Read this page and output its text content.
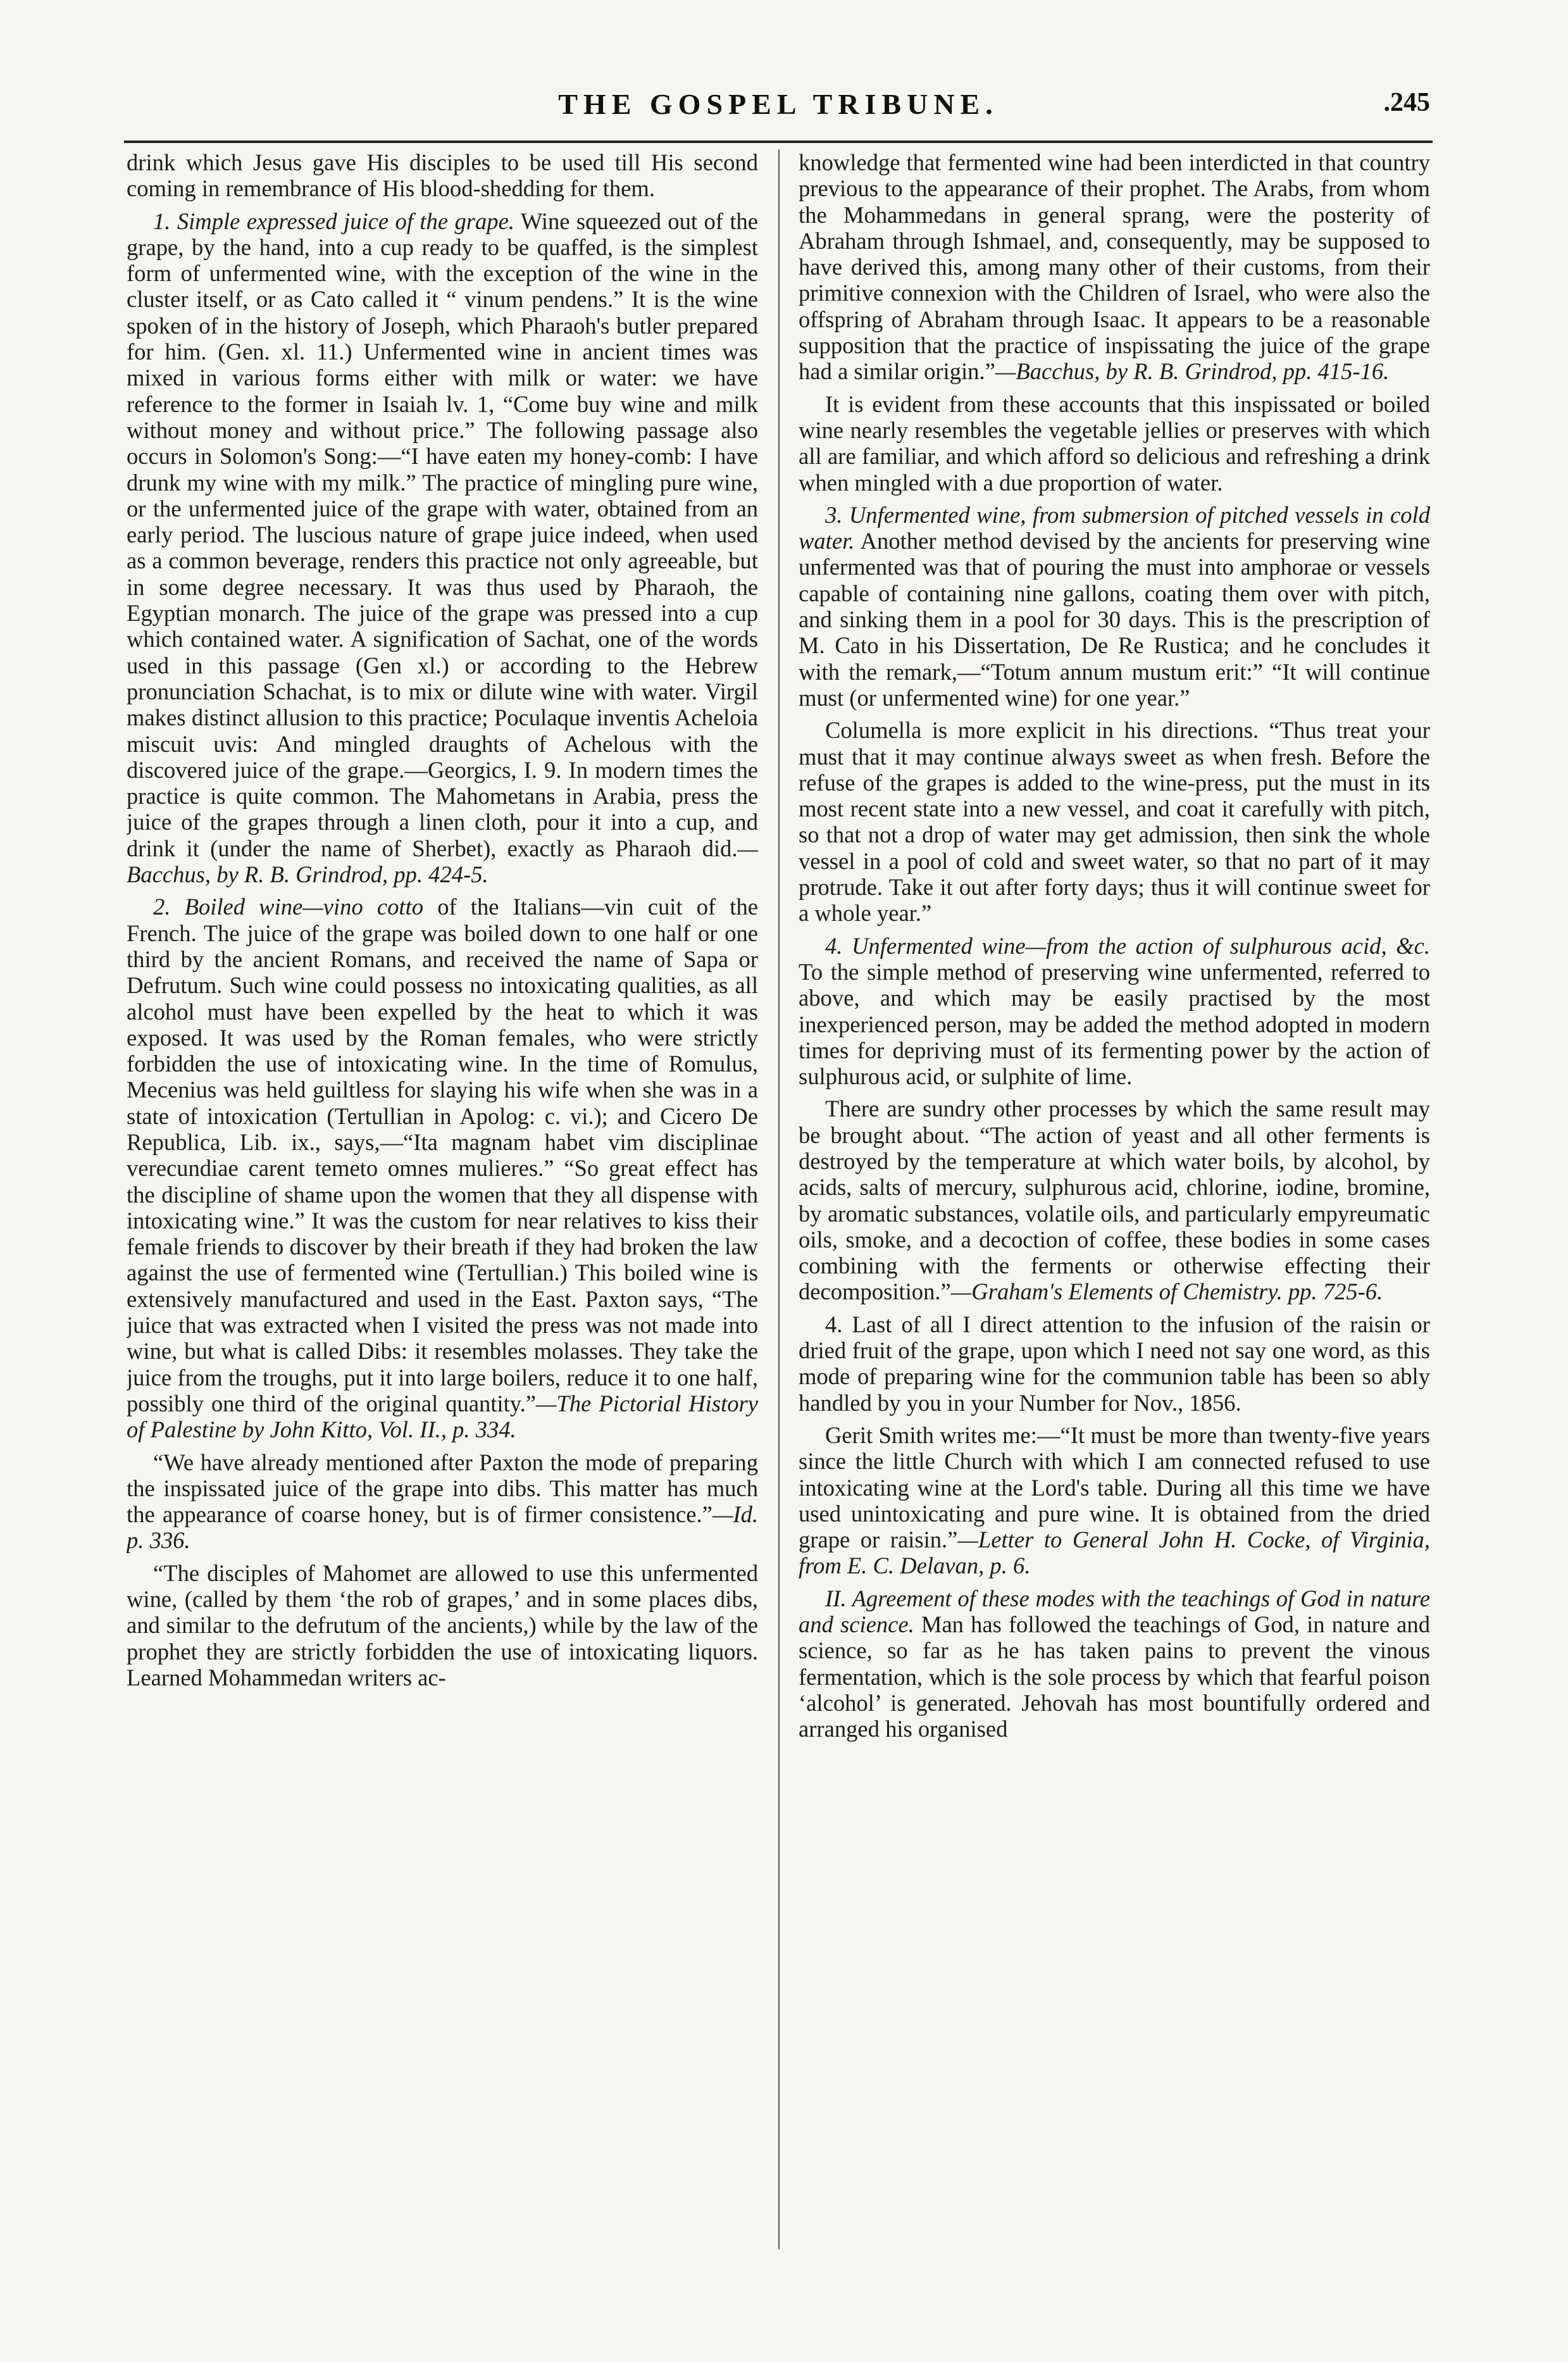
THE GOSPEL TRIBUNE.	.245

drink which Jesus gave His disciples to be used till His second coming in remembrance of His blood-shedding for them.

1. Simple expressed juice of the grape. Wine squeezed out of the grape, by the hand, into a cup ready to be quaffed, is the simplest form of unfermented wine, with the exception of the wine in the cluster itself, or as Cato called it “ vinum pendens.” It is the wine spoken of in the history of Joseph, which Pharaoh's butler prepared for him. (Gen. xl. 11.) Unfermented wine in ancient times was mixed in various forms either with milk or water: we have reference to the former in Isaiah lv. 1, “Come buy wine and milk without money and without price.” The following passage also occurs in Solomon's Song:—“I have eaten my honey-comb: I have drunk my wine with my milk.” The practice of mingling pure wine, or the unfermented juice of the grape with water, obtained from an early period. The luscious nature of grape juice indeed, when used as a common beverage, renders this practice not only agreeable, but in some degree necessary. It was thus used by Pharaoh, the Egyptian monarch. The juice of the grape was pressed into a cup which contained water. A signification of Sachat, one of the words used in this passage (Gen xl.) or according to the Hebrew pronunciation Schachat, is to mix or dilute wine with water. Virgil makes distinct allusion to this practice; Poculaque inventis Acheloia miscuit uvis: And mingled draughts of Achelous with the discovered juice of the grape.—Georgics, I. 9. In modern times the practice is quite common. The Mahometans in Arabia, press the juice of the grapes through a linen cloth, pour it into a cup, and drink it (under the name of Sherbet), exactly as Pharaoh did.—Bacchus, by R. B. Grindrod, pp. 424-5.

2. Boiled wine—vino cotto of the Italians—vin cuit of the French. The juice of the grape was boiled down to one half or one third by the ancient Romans, and received the name of Sapa or Defrutum. Such wine could possess no intoxicating qualities, as all alcohol must have been expelled by the heat to which it was exposed. It was used by the Roman females, who were strictly forbidden the use of intoxicating wine. In the time of Romulus, Mecenius was held guiltless for slaying his wife when she was in a state of intoxication (Tertullian in Apolog: c. vi.); and Cicero De Republica, Lib. ix., says,—“Ita magnam habet vim disciplinae verecundiae carent temeto omnes mulieres.” “So great effect has the discipline of shame upon the women that they all dispense with intoxicating wine.” It was the custom for near relatives to kiss their female friends to discover by their breath if they had broken the law against the use of fermented wine (Tertullian.) This boiled wine is extensively manufactured and used in the East. Paxton says, “The juice that was extracted when I visited the press was not made into wine, but what is called Dibs: it resembles molasses. They take the juice from the troughs, put it into large boilers, reduce it to one half, possibly one third of the original quantity.”—The Pictorial History of Palestine by John Kitto, Vol. II., p. 334.

“We have already mentioned after Paxton the mode of preparing the inspissated juice of the grape into dibs. This matter has much the appearance of coarse honey, but is of firmer consistence.”—Id. p. 336.

“The disciples of Mahomet are allowed to use this unfermented wine, (called by them ‘the rob of grapes,’ and in some places dibs, and similar to the defrutum of the ancients,) while by the law of the prophet they are strictly forbidden the use of intoxicating liquors. Learned Mohammedan writers ac-

knowledge that fermented wine had been interdicted in that country previous to the appearance of their prophet. The Arabs, from whom the Mohammedans in general sprang, were the posterity of Abraham through Ishmael, and, consequently, may be supposed to have derived this, among many other of their customs, from their primitive connexion with the Children of Israel, who were also the offspring of Abraham through Isaac. It appears to be a reasonable supposition that the practice of inspissating the juice of the grape had a similar origin.”—Bacchus, by R. B. Grindrod, pp. 415-16.

It is evident from these accounts that this inspissated or boiled wine nearly resembles the vegetable jellies or preserves with which all are familiar, and which afford so delicious and refreshing a drink when mingled with a due proportion of water.

3. Unfermented wine, from submersion of pitched vessels in cold water. Another method devised by the ancients for preserving wine unfermented was that of pouring the must into amphorae or vessels capable of containing nine gallons, coating them over with pitch, and sinking them in a pool for 30 days. This is the prescription of M. Cato in his Dissertation, De Re Rustica; and he concludes it with the remark,—“Totum annum mustum erit:” “It will continue must (or unfermented wine) for one year.”

Columella is more explicit in his directions. “Thus treat your must that it may continue always sweet as when fresh. Before the refuse of the grapes is added to the wine-press, put the must in its most recent state into a new vessel, and coat it carefully with pitch, so that not a drop of water may get admission, then sink the whole vessel in a pool of cold and sweet water, so that no part of it may protrude. Take it out after forty days; thus it will continue sweet for a whole year.”

4. Unfermented wine—from the action of sulphurous acid, &c. To the simple method of preserving wine unfermented, referred to above, and which may be easily practised by the most inexperienced person, may be added the method adopted in modern times for depriving must of its fermenting power by the action of sulphurous acid, or sulphite of lime.

There are sundry other processes by which the same result may be brought about. “The action of yeast and all other ferments is destroyed by the temperature at which water boils, by alcohol, by acids, salts of mercury, sulphurous acid, chlorine, iodine, bromine, by aromatic substances, volatile oils, and particularly empyreumatic oils, smoke, and a decoction of coffee, these bodies in some cases combining with the ferments or otherwise effecting their decomposition.”—Graham's Elements of Chemistry. pp. 725-6.

4. Last of all I direct attention to the infusion of the raisin or dried fruit of the grape, upon which I need not say one word, as this mode of preparing wine for the communion table has been so ably handled by you in your Number for Nov., 1856.

Gerit Smith writes me:—“It must be more than twenty-five years since the little Church with which I am connected refused to use intoxicating wine at the Lord's table. During all this time we have used unintoxicating and pure wine. It is obtained from the dried grape or raisin.”—Letter to General John H. Cocke, of Virginia, from E. C. Delavan, p. 6.

II. Agreement of these modes with the teachings of God in nature and science. Man has followed the teachings of God, in nature and science, so far as he has taken pains to prevent the vinous fermentation, which is the sole process by which that fearful poison ‘alcohol’ is generated. Jehovah has most bountifully ordered and arranged his organised
